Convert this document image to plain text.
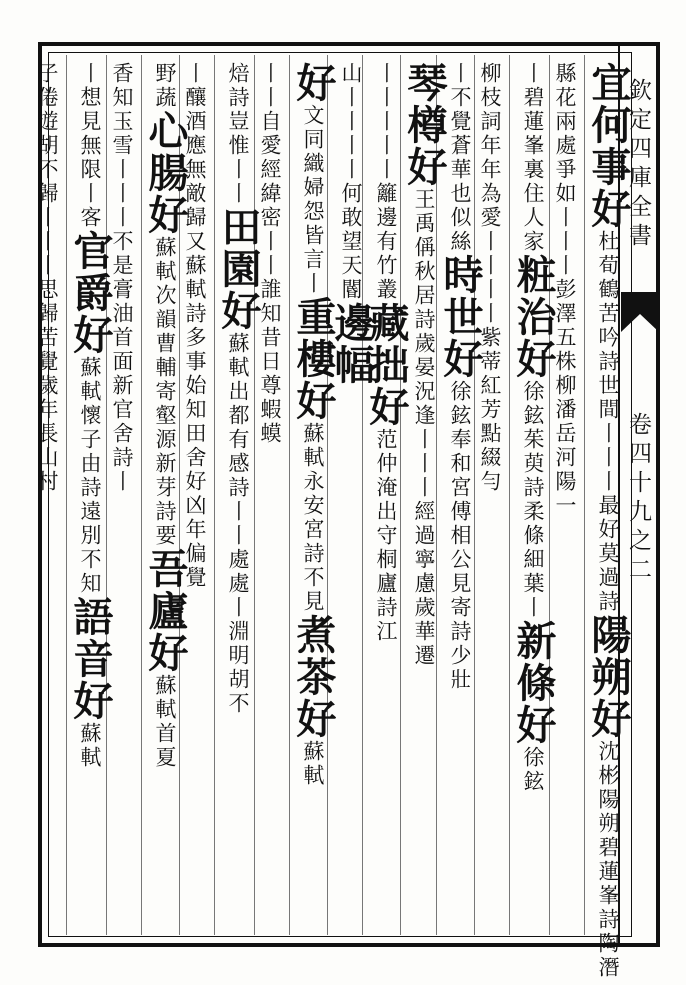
欽定四庫全書
卷四十九之二
宜何事好杜荀鶴苦吟詩世間丨丨丨最好莫過詩陽朔好沈彬陽朔碧蓮峯詩陶潛
縣花兩處爭如丨丨丨彭澤五株柳潘岳河陽一
丨碧蓮峯裏住人家粧治好徐鉉茱萸詩柔條細葉丨新條好徐鉉
柳枝詞年年為愛丨丨丨丨紫蒂紅芳點綴勻
丨不覺蒼華也似絲時世好徐鉉奉和宮傅相公見寄詩少壯
琴樽好王禹偁秋居詩歲晏況逢丨丨丨經過寧慮歲華遷
丨丨丨丨丨籬邊有竹叢藏拙好范仲淹出守桐廬詩江
山丨丨丨丨何敢望天閽邊幅
好文同織婦怨皆言丨重樓好蘇軾永安宮詩不見煮茶好蘇軾
丨丨自愛經緯密丨丨誰知昔日尊蝦蟆
焙詩豈惟丨丨田園好蘇軾出都有感詩丨丨處處丨淵明胡不
丨釀酒應無敵歸又蘇軾詩多事始知田舍好凶年偏覺
野蔬心腸好蘇軾次韻曹輔寄壑源新芽詩要吾廬好蘇軾首夏
香知玉雪丨丨丨不是膏油首面新官舍詩丨
丨想見無限丨客官爵好蘇軾懷子由詩遠別不知語音好蘇軾
子倦遊胡不歸丨丨丨思歸苦覺歲年長山村
